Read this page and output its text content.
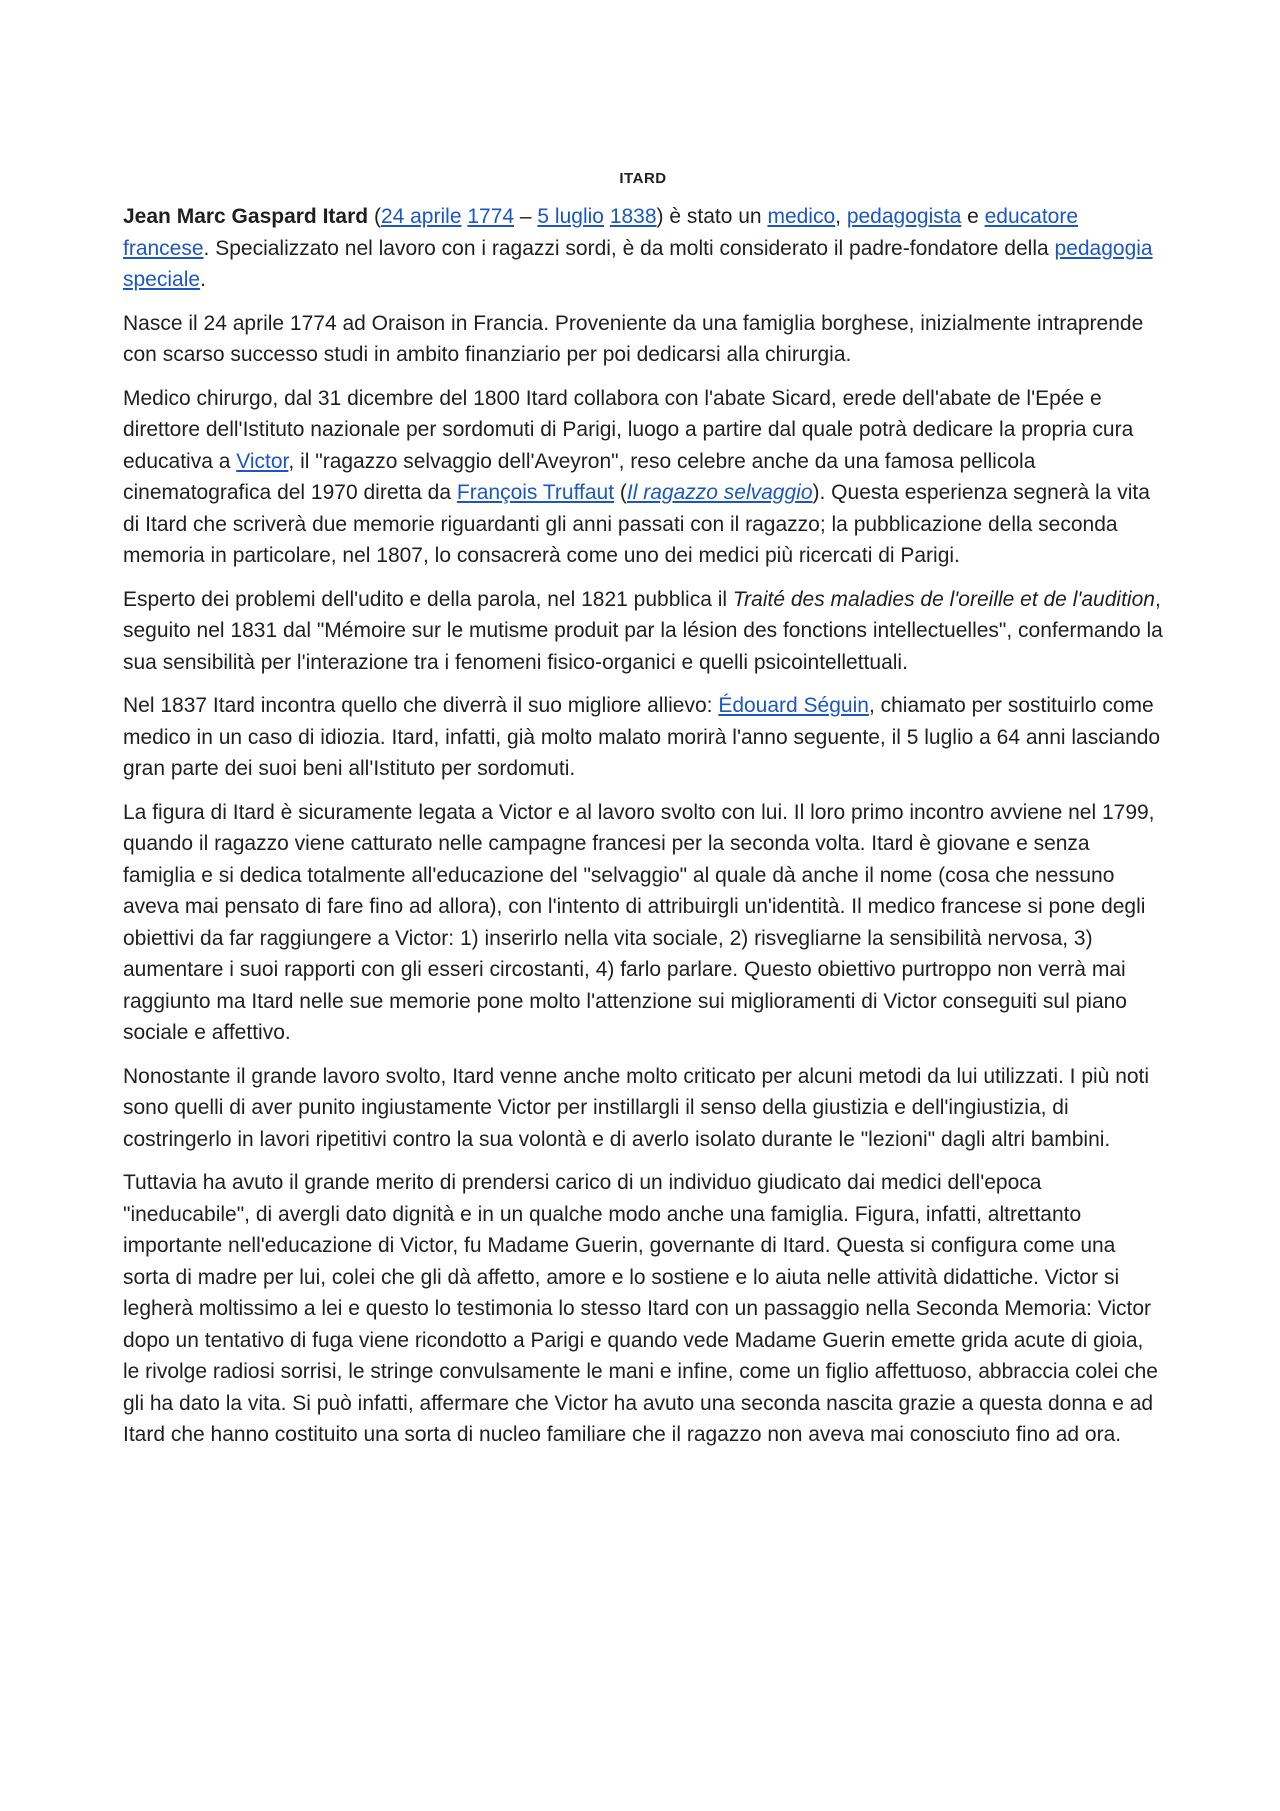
ITARD

Jean Marc Gaspard Itard (24 aprile 1774 – 5 luglio 1838) è stato un medico, pedagogista e educatore francese. Specializzato nel lavoro con i ragazzi sordi, è da molti considerato il padre-fondatore della pedagogia speciale.

Nasce il 24 aprile 1774 ad Oraison in Francia. Proveniente da una famiglia borghese, inizialmente intraprende con scarso successo studi in ambito finanziario per poi dedicarsi alla chirurgia.

Medico chirurgo, dal 31 dicembre del 1800 Itard collabora con l'abate Sicard, erede dell'abate de l'Epée e direttore dell'Istituto nazionale per sordomuti di Parigi, luogo a partire dal quale potrà dedicare la propria cura educativa a Victor, il "ragazzo selvaggio dell'Aveyron", reso celebre anche da una famosa pellicola cinematografica del 1970 diretta da François Truffaut (Il ragazzo selvaggio). Questa esperienza segnerà la vita di Itard che scriverà due memorie riguardanti gli anni passati con il ragazzo; la pubblicazione della seconda memoria in particolare, nel 1807, lo consacrerà come uno dei medici più ricercati di Parigi.

Esperto dei problemi dell'udito e della parola, nel 1821 pubblica il Traité des maladies de l'oreille et de l'audition, seguito nel 1831 dal "Mémoire sur le mutisme produit par la lésion des fonctions intellectuelles", confermando la sua sensibilità per l'interazione tra i fenomeni fisico-organici e quelli psicointellettuali.

Nel 1837 Itard incontra quello che diverrà il suo migliore allievo: Édouard Séguin, chiamato per sostituirlo come medico in un caso di idiozia. Itard, infatti, già molto malato morirà l'anno seguente, il 5 luglio a 64 anni lasciando gran parte dei suoi beni all'Istituto per sordomuti.

La figura di Itard è sicuramente legata a Victor e al lavoro svolto con lui. Il loro primo incontro avviene nel 1799, quando il ragazzo viene catturato nelle campagne francesi per la seconda volta. Itard è giovane e senza famiglia e si dedica totalmente all'educazione del "selvaggio" al quale dà anche il nome (cosa che nessuno aveva mai pensato di fare fino ad allora), con l'intento di attribuirgli un'identità. Il medico francese si pone degli obiettivi da far raggiungere a Victor: 1) inserirlo nella vita sociale, 2) risvegliarne la sensibilità nervosa, 3) aumentare i suoi rapporti con gli esseri circostanti, 4) farlo parlare. Questo obiettivo purtroppo non verrà mai raggiunto ma Itard nelle sue memorie pone molto l'attenzione sui miglioramenti di Victor conseguiti sul piano sociale e affettivo.

Nonostante il grande lavoro svolto, Itard venne anche molto criticato per alcuni metodi da lui utilizzati. I più noti sono quelli di aver punito ingiustamente Victor per instillargli il senso della giustizia e dell'ingiustizia, di costringerlo in lavori ripetitivi contro la sua volontà e di averlo isolato durante le "lezioni" dagli altri bambini.

Tuttavia ha avuto il grande merito di prendersi carico di un individuo giudicato dai medici dell'epoca "ineducabile", di avergli dato dignità e in un qualche modo anche una famiglia. Figura, infatti, altrettanto importante nell'educazione di Victor, fu Madame Guerin, governante di Itard. Questa si configura come una sorta di madre per lui, colei che gli dà affetto, amore e lo sostiene e lo aiuta nelle attività didattiche. Victor si legherà moltissimo a lei e questo lo testimonia lo stesso Itard con un passaggio nella Seconda Memoria: Victor dopo un tentativo di fuga viene ricondotto a Parigi e quando vede Madame Guerin emette grida acute di gioia, le rivolge radiosi sorrisi, le stringe convulsamente le mani e infine, come un figlio affettuoso, abbraccia colei che gli ha dato la vita. Si può infatti, affermare che Victor ha avuto una seconda nascita grazie a questa donna e ad Itard che hanno costituito una sorta di nucleo familiare che il ragazzo non aveva mai conosciuto fino ad ora.
